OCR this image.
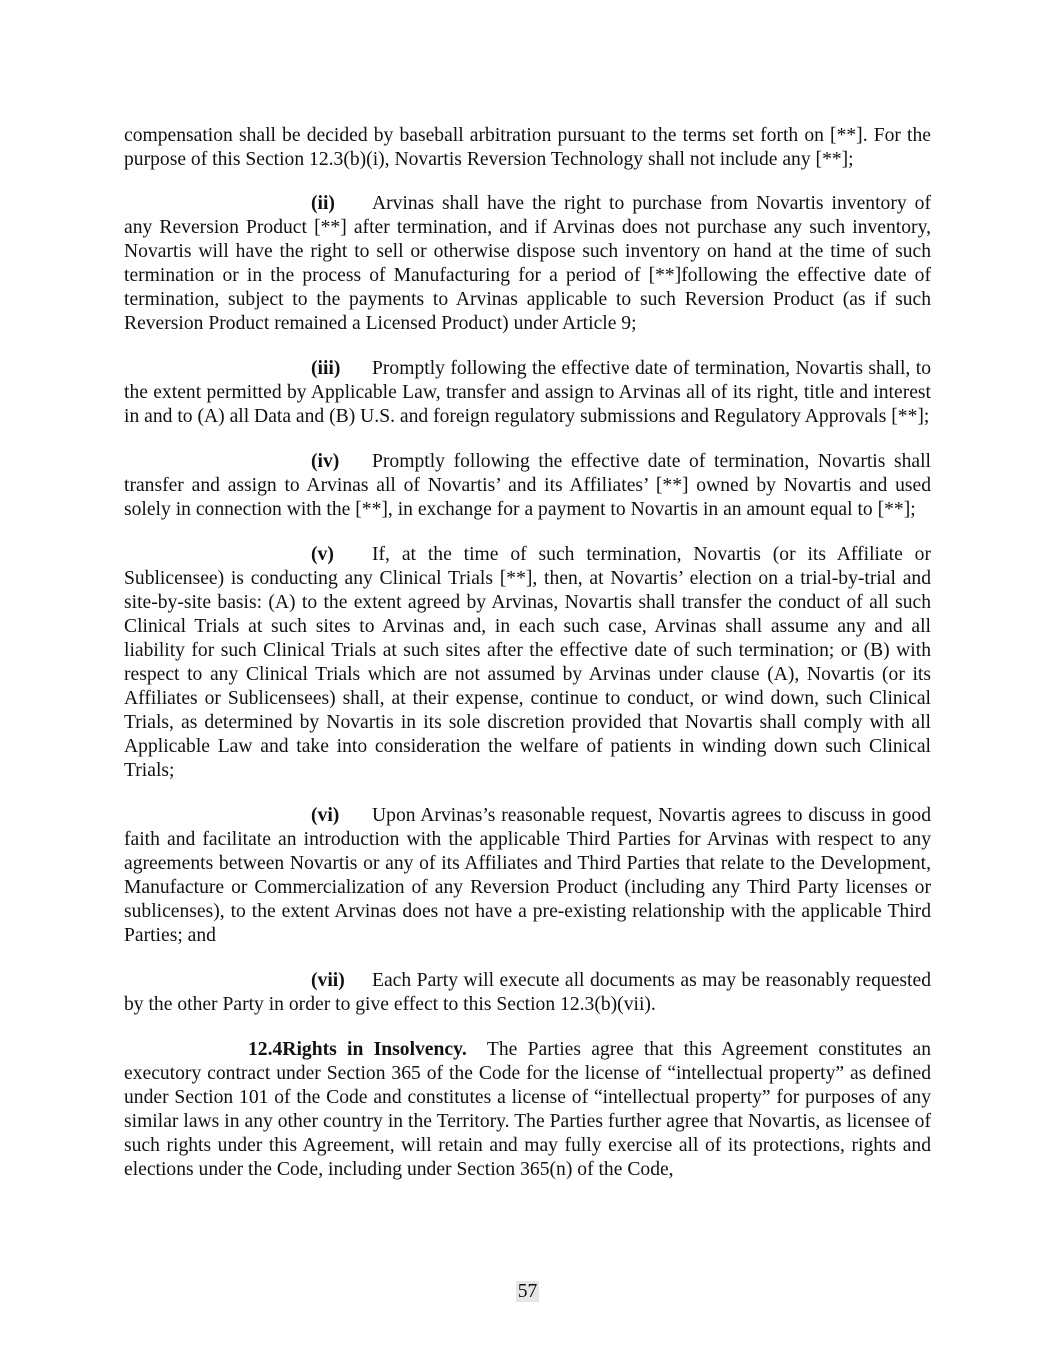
compensation shall be decided by baseball arbitration pursuant to the terms set forth on [**]. For the purpose of this Section 12.3(b)(i), Novartis Reversion Technology shall not include any [**];

(ii) Arvinas shall have the right to purchase from Novartis inventory of any Reversion Product [**] after termination, and if Arvinas does not purchase any such inventory, Novartis will have the right to sell or otherwise dispose such inventory on hand at the time of such termination or in the process of Manufacturing for a period of [**]following the effective date of termination, subject to the payments to Arvinas applicable to such Reversion Product (as if such Reversion Product remained a Licensed Product) under Article 9;

(iii) Promptly following the effective date of termination, Novartis shall, to the extent permitted by Applicable Law, transfer and assign to Arvinas all of its right, title and interest in and to (A) all Data and (B) U.S. and foreign regulatory submissions and Regulatory Approvals [**];

(iv) Promptly following the effective date of termination, Novartis shall transfer and assign to Arvinas all of Novartis’ and its Affiliates’ [**] owned by Novartis and used solely in connection with the [**], in exchange for a payment to Novartis in an amount equal to [**];

(v) If, at the time of such termination, Novartis (or its Affiliate or Sublicensee) is conducting any Clinical Trials [**], then, at Novartis’ election on a trial-by-trial and site-by-site basis: (A) to the extent agreed by Arvinas, Novartis shall transfer the conduct of all such Clinical Trials at such sites to Arvinas and, in each such case, Arvinas shall assume any and all liability for such Clinical Trials at such sites after the effective date of such termination; or (B) with respect to any Clinical Trials which are not assumed by Arvinas under clause (A), Novartis (or its Affiliates or Sublicensees) shall, at their expense, continue to conduct, or wind down, such Clinical Trials, as determined by Novartis in its sole discretion provided that Novartis shall comply with all Applicable Law and take into consideration the welfare of patients in winding down such Clinical Trials;

(vi) Upon Arvinas’s reasonable request, Novartis agrees to discuss in good faith and facilitate an introduction with the applicable Third Parties for Arvinas with respect to any agreements between Novartis or any of its Affiliates and Third Parties that relate to the Development, Manufacture or Commercialization of any Reversion Product (including any Third Party licenses or sublicenses), to the extent Arvinas does not have a pre-existing relationship with the applicable Third Parties; and

(vii) Each Party will execute all documents as may be reasonably requested by the other Party in order to give effect to this Section 12.3(b)(vii).

12.4Rights in Insolvency. The Parties agree that this Agreement constitutes an executory contract under Section 365 of the Code for the license of “intellectual property” as defined under Section 101 of the Code and constitutes a license of “intellectual property” for purposes of any similar laws in any other country in the Territory. The Parties further agree that Novartis, as licensee of such rights under this Agreement, will retain and may fully exercise all of its protections, rights and elections under the Code, including under Section 365(n) of the Code,

57
